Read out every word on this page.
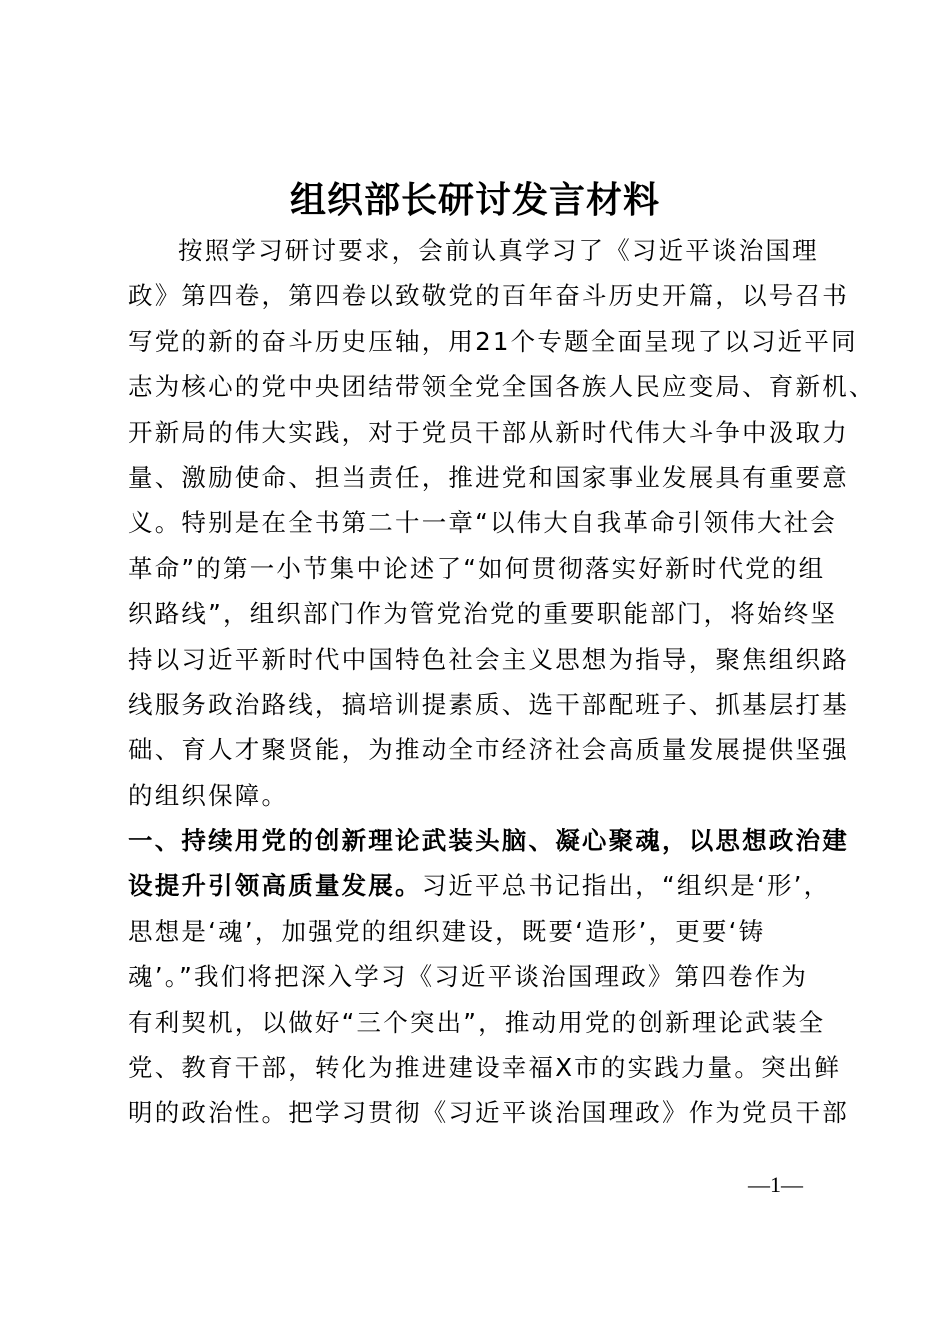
组织部长研讨发言材料
按照学习研讨要求，会前认真学习了《习近平谈治国理
政》第四卷，第四卷以致敬党的百年奋斗历史开篇，以号召书
写党的新的奋斗历史压轴，用21个专题全面呈现了以习近平同
志为核心的党中央团结带领全党全国各族人民应变局、育新机、
开新局的伟大实践，对于党员干部从新时代伟大斗争中汲取力
量、激励使命、担当责任，推进党和国家事业发展具有重要意
义。特别是在全书第二十一章“以伟大自我革命引领伟大社会
革命”的第一小节集中论述了“如何贯彻落实好新时代党的组
织路线”，组织部门作为管党治党的重要职能部门，将始终坚
持以习近平新时代中国特色社会主义思想为指导，聚焦组织路
线服务政治路线，搞培训提素质、选干部配班子、抓基层打基
础、育人才聚贤能，为推动全市经济社会高质量发展提供坚强
的组织保障。
一、持续用党的创新理论武装头脑、凝心聚魂，以思想政治建
设提升引领高质量发展。习近平总书记指出，“组织是‘形’，
思想是‘魂’，加强党的组织建设，既要‘造形’，更要‘铸
魂’。”我们将把深入学习《习近平谈治国理政》第四卷作为
有利契机，以做好“三个突出”，推动用党的创新理论武装全
党、教育干部，转化为推进建设幸福X市的实践力量。突出鲜
明的政治性。把学习贯彻《习近平谈治国理政》作为党员干部
—1—
